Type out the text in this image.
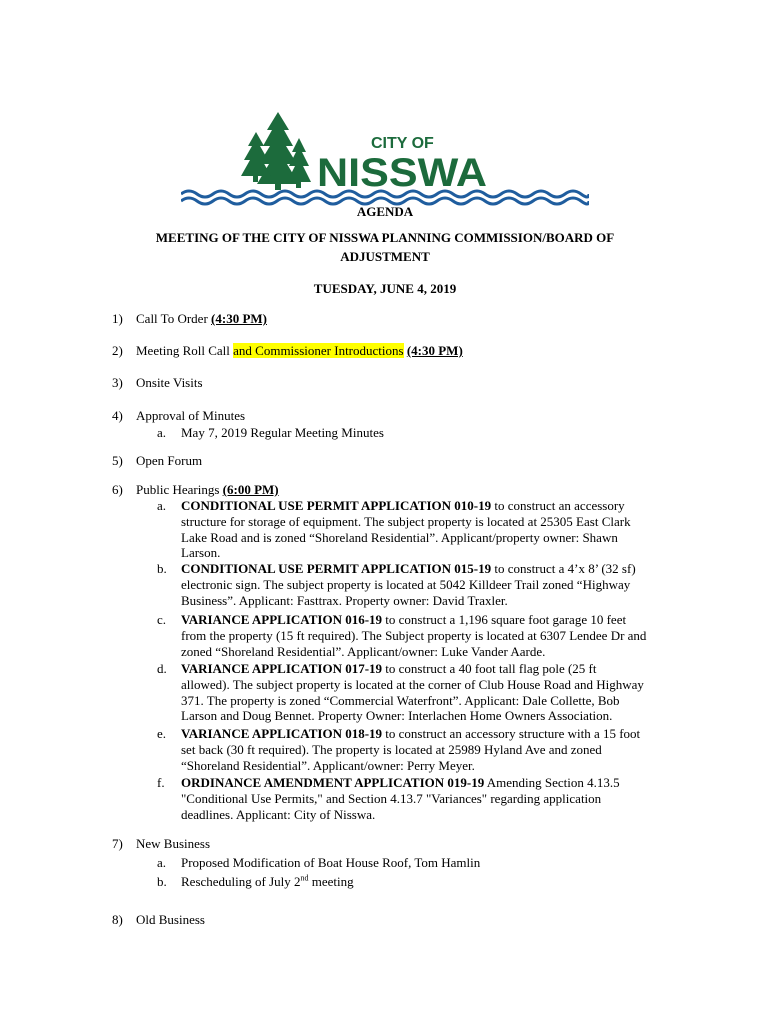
CITY OF
NISSWA
AGENDA
MEETING OF THE CITY OF NISSWA PLANNING COMMISSION/BOARD OF
ADJUSTMENT
TUESDAY, JUNE 4, 2019
1) Call To Order (4:30 PM)
2) Meeting Roll Call and Commissioner Introductions (4:30 PM)
3) Onsite Visits
4) Approval of Minutes
a.	May 7, 2019 Regular Meeting Minutes
5) Open Forum
6) Public Hearings (6:00 PM)
a.	CONDITIONAL USE PERMIT APPLICATION 010-19 to construct an accessory
structure for storage of equipment. The subject property is located at 25305 East Clark
Lake Road and is zoned “Shoreland Residential”. Applicant/property owner: Shawn
Larson.
b.	CONDITIONAL USE PERMIT APPLICATION 015-19 to construct a 4’x 8’ (32 sf)
electronic sign. The subject property is located at 5042 Killdeer Trail zoned “Highway
Business”. Applicant: Fasttrax. Property owner: David Traxler.
c.	VARIANCE APPLICATION 016-19 to construct a 1,196 square foot garage 10 feet
from the property (15 ft required). The Subject property is located at 6307 Lendee Dr and
zoned “Shoreland Residential”. Applicant/owner: Luke Vander Aarde.
d.	VARIANCE APPLICATION 017-19 to construct a 40 foot tall flag pole (25 ft
allowed). The subject property is located at the corner of Club House Road and Highway
371. The property is zoned “Commercial Waterfront”. Applicant: Dale Collette, Bob
Larson and Doug Bennet. Property Owner: Interlachen Home Owners Association.
e.	VARIANCE APPLICATION 018-19 to construct an accessory structure with a 15 foot
set back (30 ft required). The property is located at 25989 Hyland Ave and zoned
“Shoreland Residential”. Applicant/owner: Perry Meyer.
f.	ORDINANCE AMENDMENT APPLICATION 019-19 Amending Section 4.13.5
"Conditional Use Permits," and Section 4.13.7 "Variances" regarding application
deadlines. Applicant: City of Nisswa.
7) New Business
a.	Proposed Modification of Boat House Roof, Tom Hamlin
b.	Rescheduling of July 2nd meeting
8) Old Business
